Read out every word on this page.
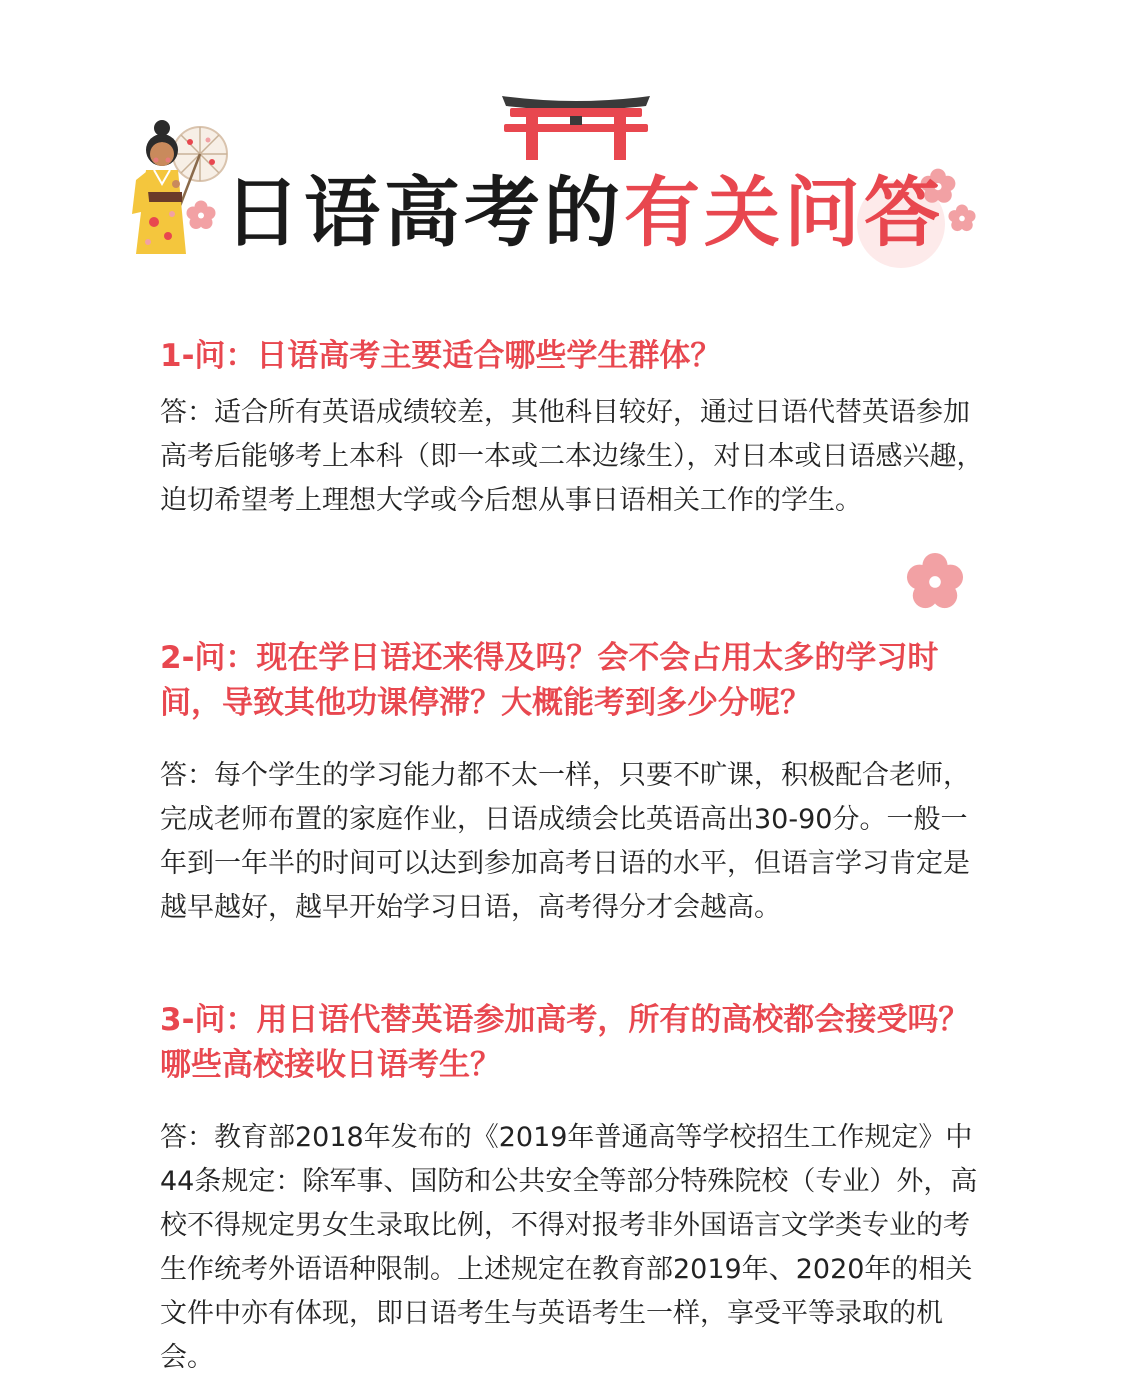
日语高考的有关问答

1-问：日语高考主要适合哪些学生群体？

答：适合所有英语成绩较差，其他科目较好，通过日语代替英语参加高考后能够考上本科（即一本或二本边缘生），对日本或日语感兴趣，迫切希望考上理想大学或今后想从事日语相关工作的学生。

2-问：现在学日语还来得及吗？会不会占用太多的学习时间，导致其他功课停滞？大概能考到多少分呢？

答：每个学生的学习能力都不太一样，只要不旷课，积极配合老师，完成老师布置的家庭作业，日语成绩会比英语高出30-90分。一般一年到一年半的时间可以达到参加高考日语的水平，但语言学习肯定是越早越好，越早开始学习日语，高考得分才会越高。

3-问：用日语代替英语参加高考，所有的高校都会接受吗？哪些高校接收日语考生？

答：教育部2018年发布的《2019年普通高等学校招生工作规定》中44条规定：除军事、国防和公共安全等部分特殊院校（专业）外，高校不得规定男女生录取比例，不得对报考非外国语言文学类专业的考生作统考外语语种限制。上述规定在教育部2019年、2020年的相关文件中亦有体现，即日语考生与英语考生一样，享受平等录取的机会。
